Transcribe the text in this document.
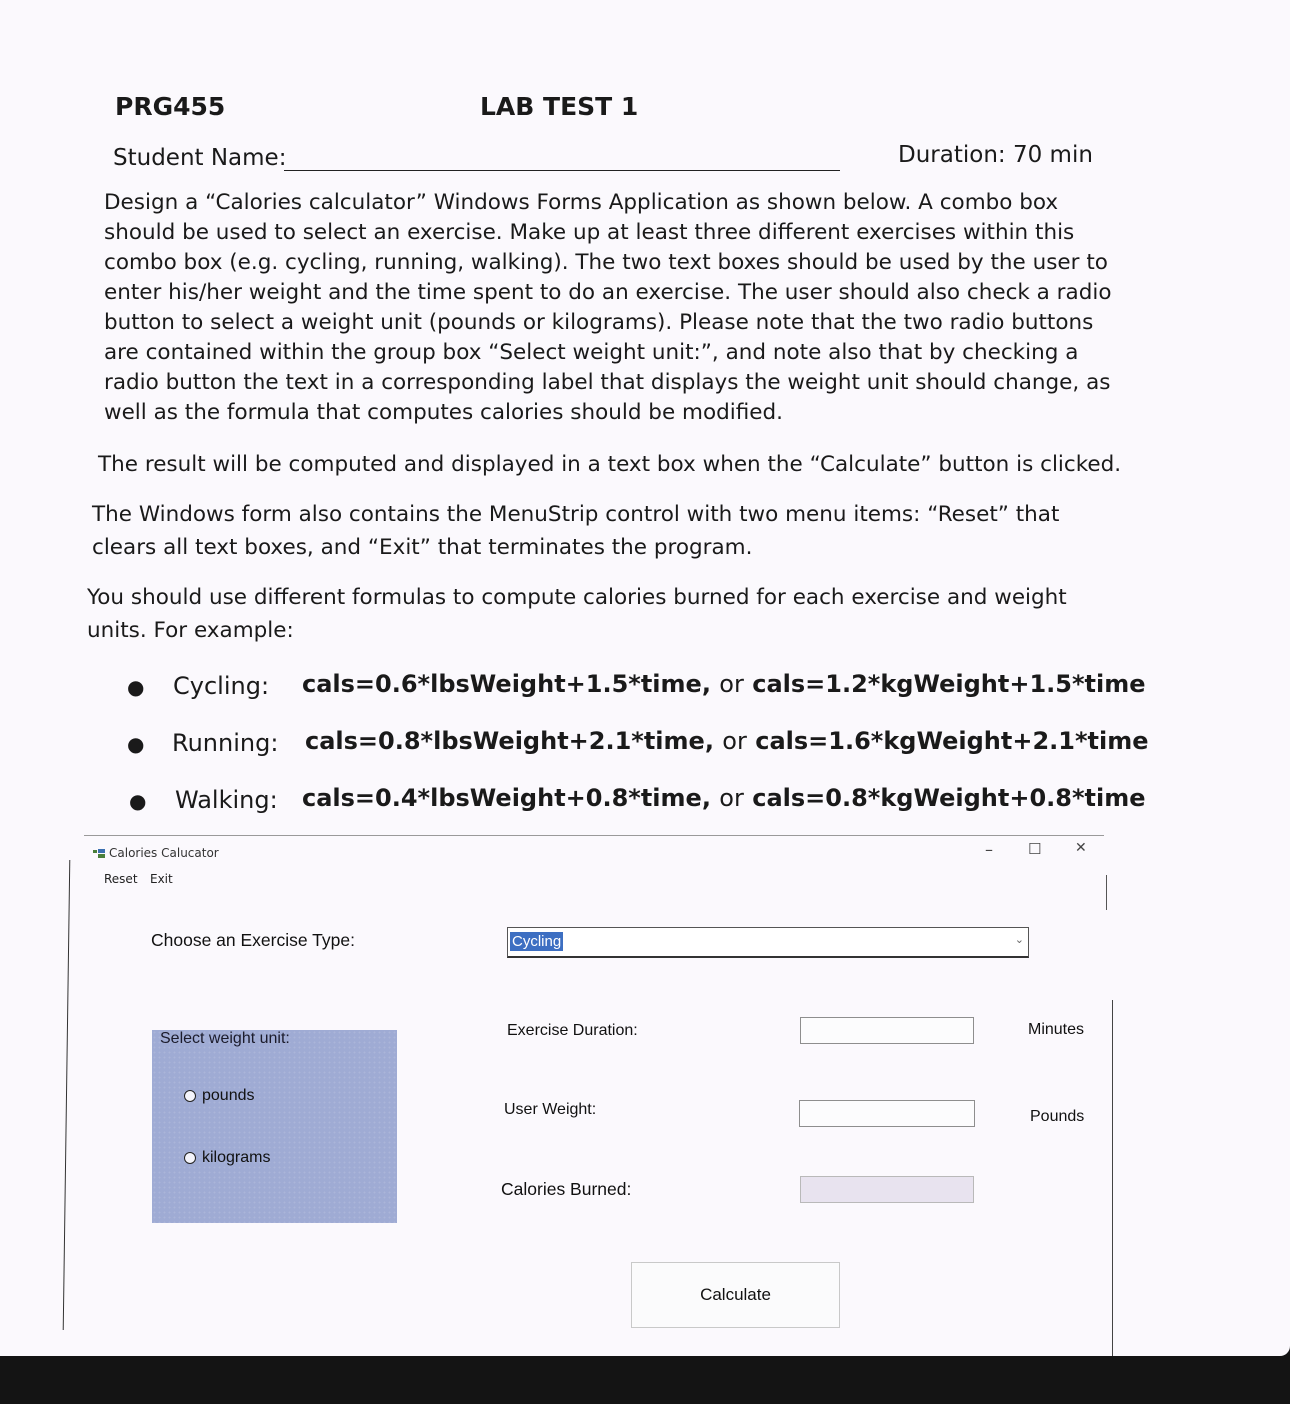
PRG455	LAB TEST 1
Student Name:	Duration: 70 min
Design a “Calories calculator” Windows Forms Application as shown below. A combo box should be used to select an exercise. Make up at least three different exercises within this combo box (e.g. cycling, running, walking). The two text boxes should be used by the user to enter his/her weight and the time spent to do an exercise. The user should also check a radio button to select a weight unit (pounds or kilograms). Please note that the two radio buttons are contained within the group box “Select weight unit:”, and note also that by checking a radio button the text in a corresponding label that displays the weight unit should change, as well as the formula that computes calories should be modified.
The result will be computed and displayed in a text box when the “Calculate” button is clicked.
The Windows form also contains the MenuStrip control with two menu items: “Reset” that clears all text boxes, and “Exit” that terminates the program.
You should use different formulas to compute calories burned for each exercise and weight units. For example:
● Cycling: cals=0.6*lbsWeight+1.5*time, or cals=1.2*kgWeight+1.5*time
● Running: cals=0.8*lbsWeight+2.1*time, or cals=1.6*kgWeight+2.1*time
● Walking: cals=0.4*lbsWeight+0.8*time, or cals=0.8*kgWeight+0.8*time
Calories Calucator	– ☐ ✕
Reset Exit
Choose an Exercise Type:	Cycling	⌄
Select weight unit:
pounds
kilograms
Exercise Duration:	Minutes
User Weight:	Pounds
Calories Burned:
Calculate
